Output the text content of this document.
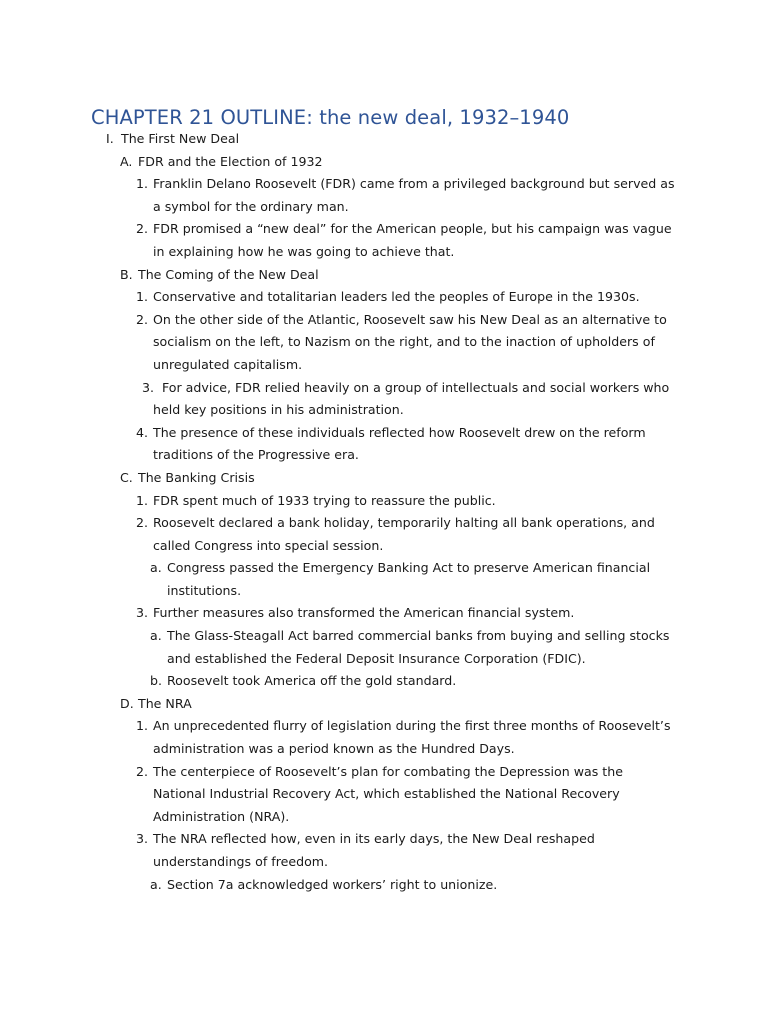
CHAPTER 21 OUTLINE: the new deal, 1932–1940
I. The First New Deal
A. FDR and the Election of 1932
1. Franklin Delano Roosevelt (FDR) came from a privileged background but served as
a symbol for the ordinary man.
2. FDR promised a “new deal” for the American people, but his campaign was vague
in explaining how he was going to achieve that.
B. The Coming of the New Deal
1. Conservative and totalitarian leaders led the peoples of Europe in the 1930s.
2. On the other side of the Atlantic, Roosevelt saw his New Deal as an alternative to
socialism on the left, to Nazism on the right, and to the inaction of upholders of
unregulated capitalism.
3. For advice, FDR relied heavily on a group of intellectuals and social workers who
held key positions in his administration.
4. The presence of these individuals reflected how Roosevelt drew on the reform
traditions of the Progressive era.
C. The Banking Crisis
1. FDR spent much of 1933 trying to reassure the public.
2. Roosevelt declared a bank holiday, temporarily halting all bank operations, and
called Congress into special session.
a. Congress passed the Emergency Banking Act to preserve American financial
institutions.
3. Further measures also transformed the American financial system.
a. The Glass-Steagall Act barred commercial banks from buying and selling stocks
and established the Federal Deposit Insurance Corporation (FDIC).
b. Roosevelt took America off the gold standard.
D. The NRA
1. An unprecedented flurry of legislation during the first three months of Roosevelt’s
administration was a period known as the Hundred Days.
2. The centerpiece of Roosevelt’s plan for combating the Depression was the
National Industrial Recovery Act, which established the National Recovery
Administration (NRA).
3. The NRA reflected how, even in its early days, the New Deal reshaped
understandings of freedom.
a. Section 7a acknowledged workers’ right to unionize.
